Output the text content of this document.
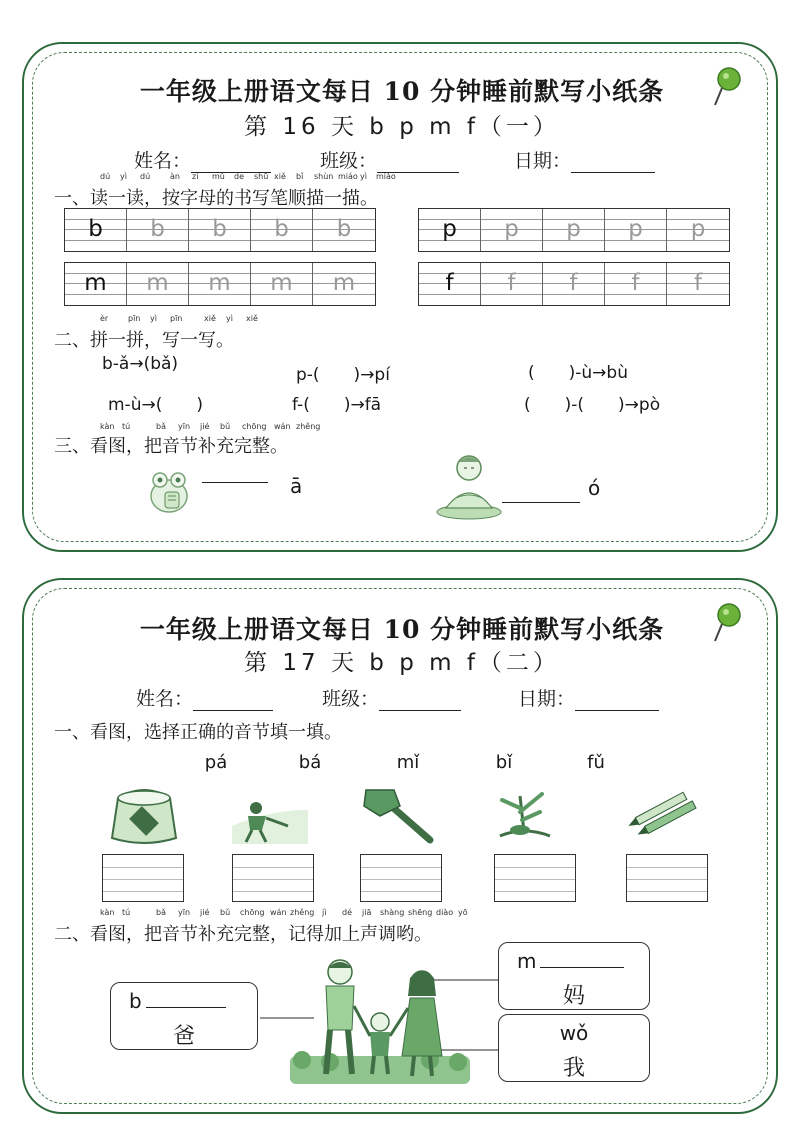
一年级上册语文每日 10 分钟睡前默写小纸条
第 16 天 b p m f（一）
姓名：	班级：	日期：
dú yì dú àn zì mǔ de shū xiě bǐ shùn miáo yì miáo
一、读一读，按字母的书写笔顺描一描。
b	b	b	b	b	p	p	p	p	p
m	m	m	m	m	f	f	f	f	f
èr pīn yì pīn	xiě yì xiě
二、拼一拼，写一写。
b-ǎ→(bǎ)
p-(　　)→pí	(　　)-ù→bù
m-ù→(　　)	f-(　　)→fā	(　　)-(　　)→pò
kàn tú	bǎ yīn jié bǔ chōng wán zhěng
三、看图，把音节补充完整。
ā	ó
一年级上册语文每日 10 分钟睡前默写小纸条
第 17 天 b p m f（二）
姓名：	班级：	日期：
一、看图，选择正确的音节填一填。
pá	bá	mǐ	bǐ	fǔ
kàn tú	bǎ yīn jié bǔ chōng wán zhěng jì dé jiā shàng shēng diào yō
二、看图，把音节补充完整，记得加上声调哟。
b
爸
m
妈
wǒ
我
